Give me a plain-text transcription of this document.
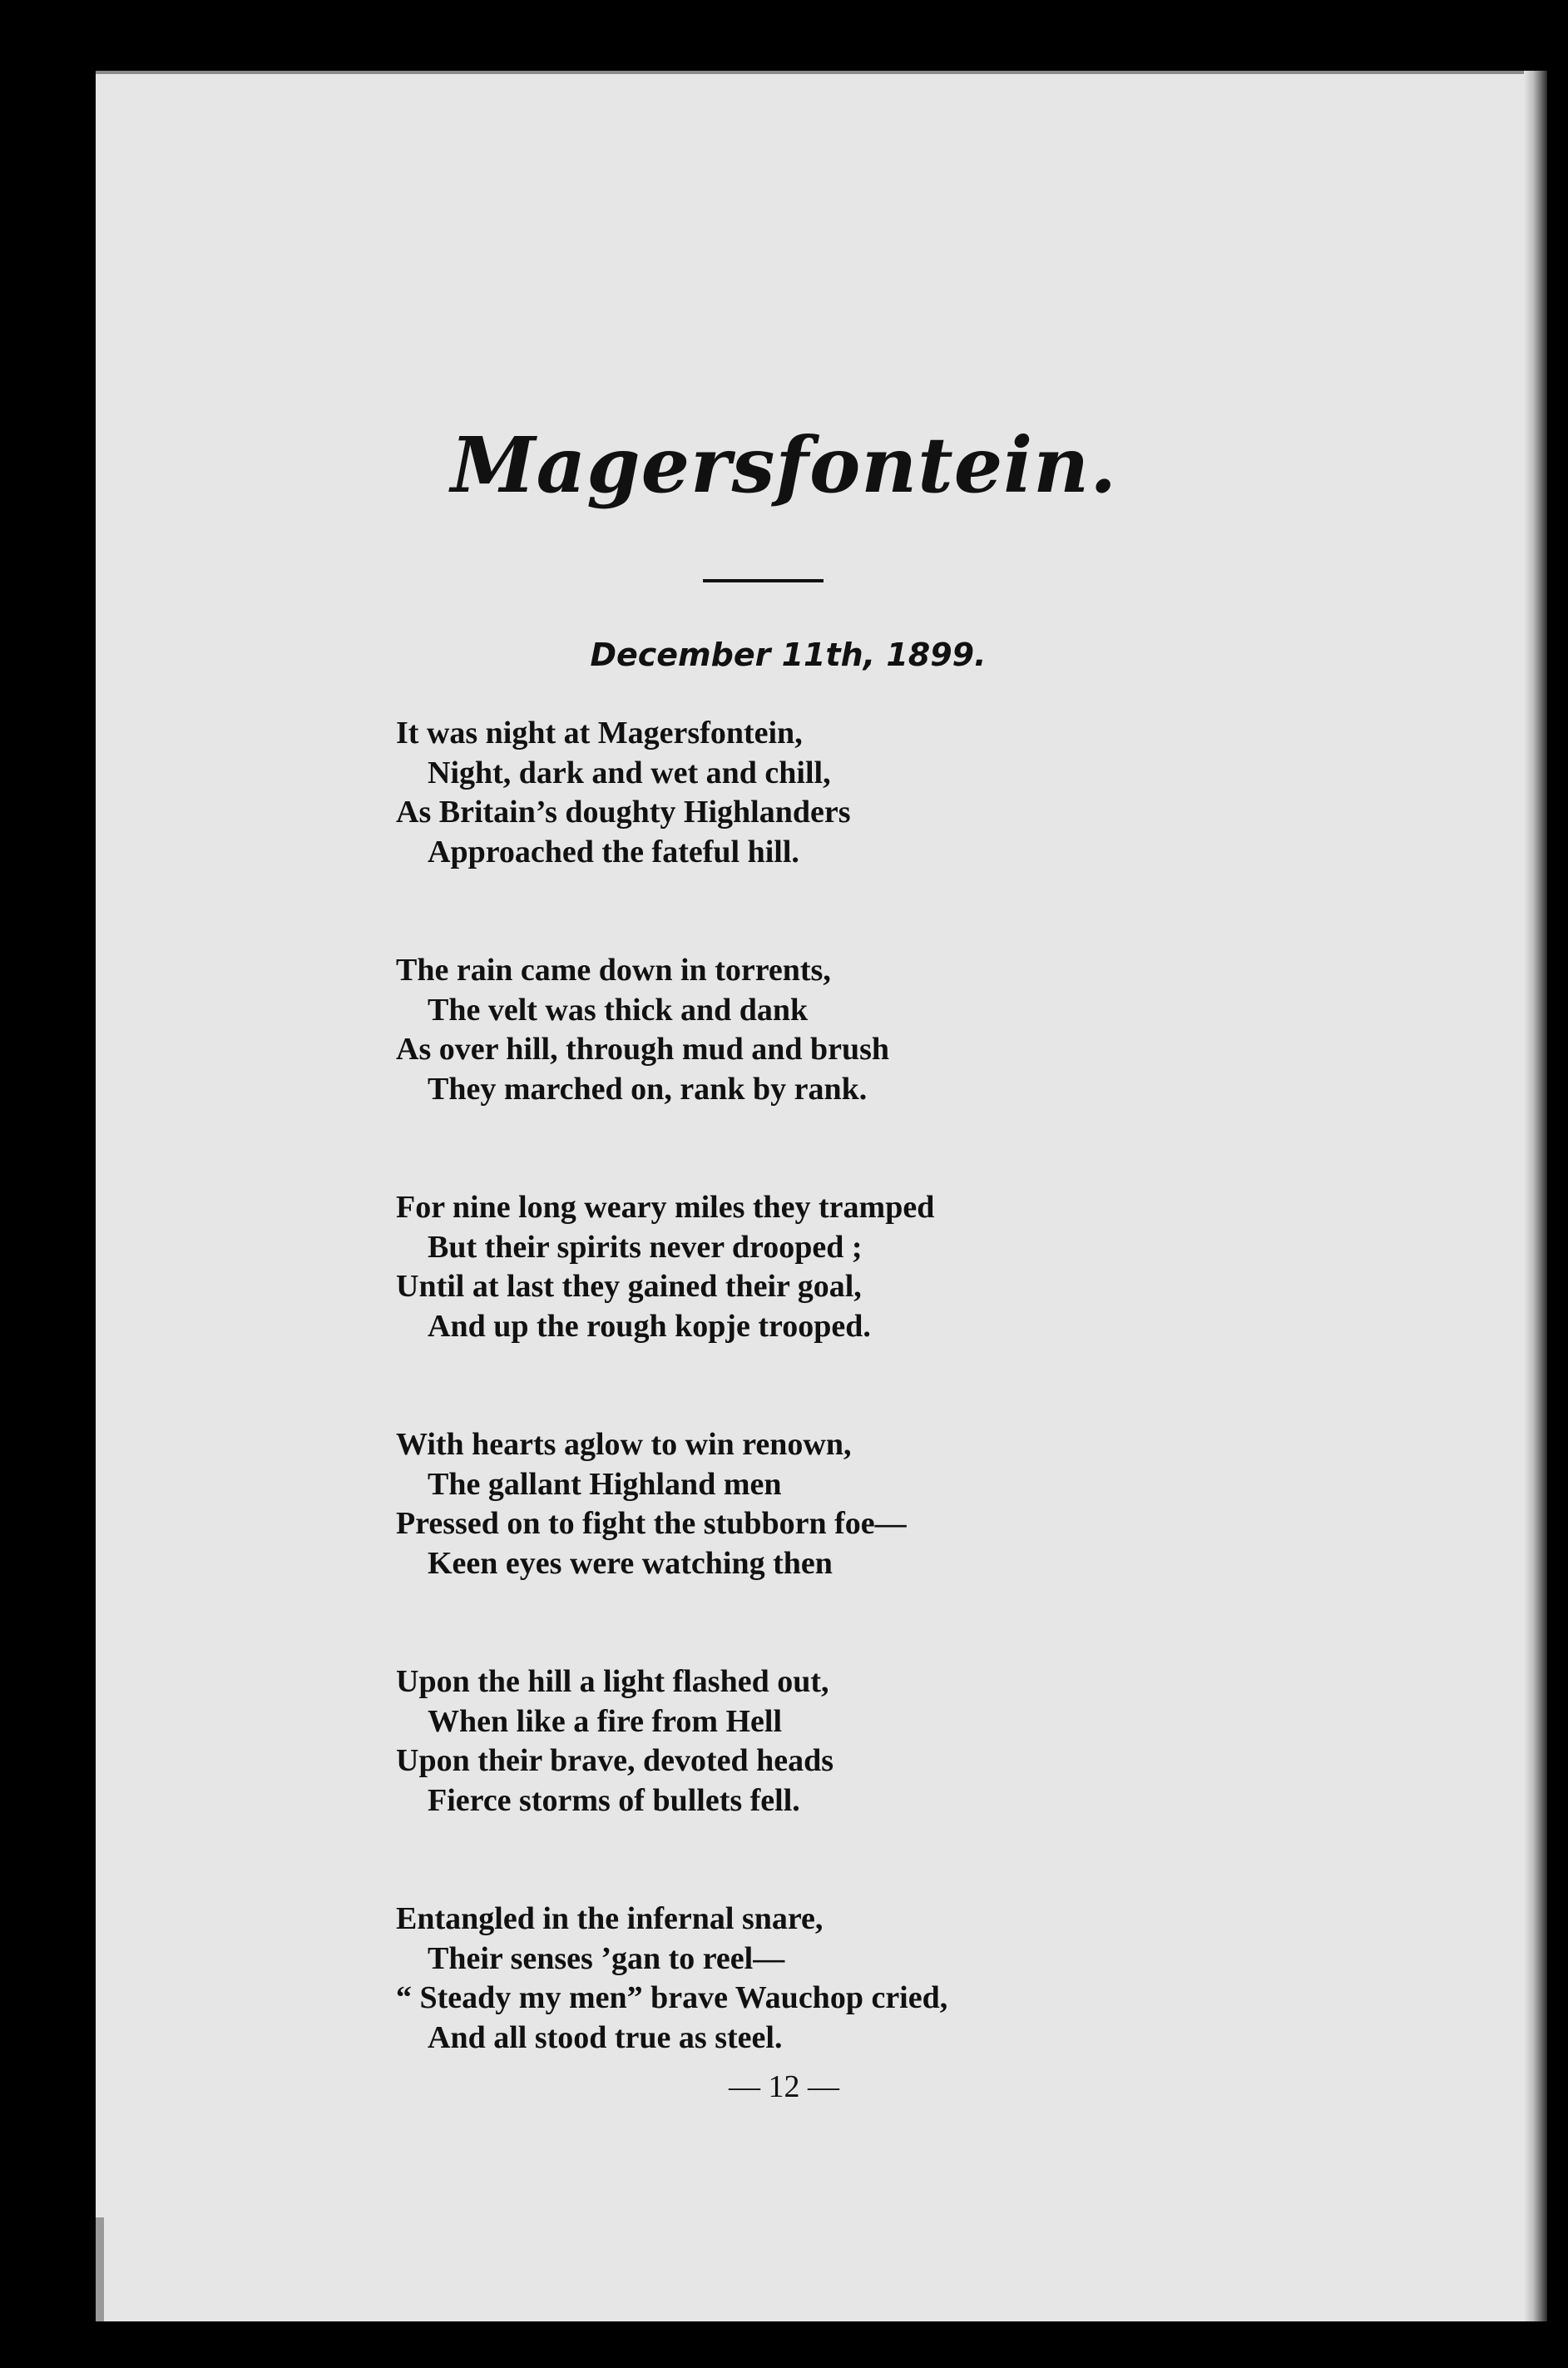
Magersfontein.
December 11th, 1899.
It was night at Magersfontein,
Night, dark and wet and chill,
As Britain’s doughty Highlanders
Approached the fateful hill.
The rain came down in torrents,
The velt was thick and dank
As over hill, through mud and brush
They marched on, rank by rank.
For nine long weary miles they tramped
But their spirits never drooped ;
Until at last they gained their goal,
And up the rough kopje trooped.
With hearts aglow to win renown,
The gallant Highland men
Pressed on to fight the stubborn foe—
Keen eyes were watching then
Upon the hill a light flashed out,
When like a fire from Hell
Upon their brave, devoted heads
Fierce storms of bullets fell.
Entangled in the infernal snare,
Their senses ’gan to reel—
“ Steady my men” brave Wauchop cried,
And all stood true as steel.
— 12 —
